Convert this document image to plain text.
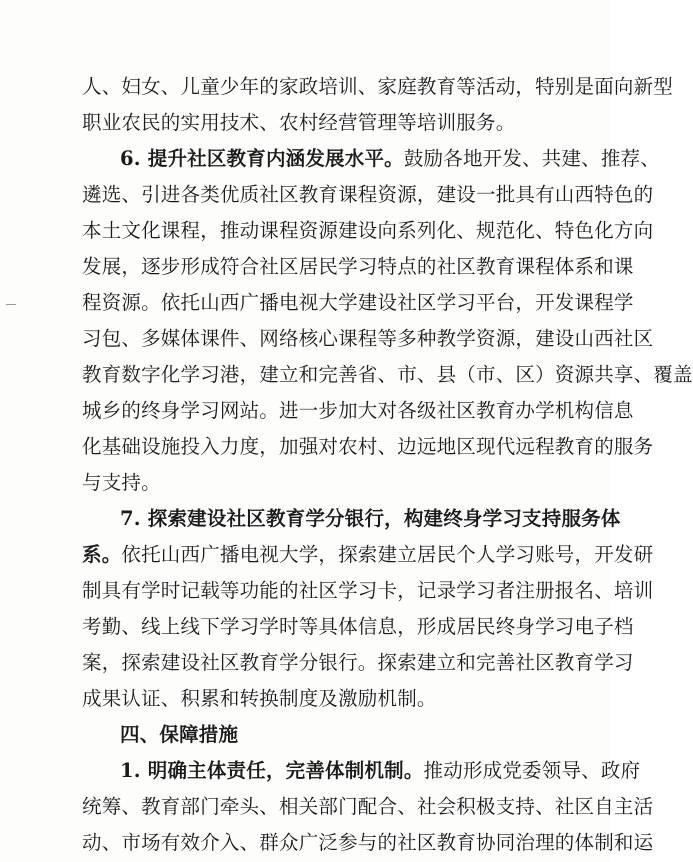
人、妇女、儿童少年的家政培训、家庭教育等活动，特别是面向新型
职业农民的实用技术、农村经营管理等培训服务。
6. 提升社区教育内涵发展水平。鼓励各地开发、共建、推荐、
遴选、引进各类优质社区教育课程资源，建设一批具有山西特色的
本土文化课程，推动课程资源建设向系列化、规范化、特色化方向
发展，逐步形成符合社区居民学习特点的社区教育课程体系和课
程资源。依托山西广播电视大学建设社区学习平台，开发课程学
习包、多媒体课件、网络核心课程等多种教学资源，建设山西社区
教育数字化学习港，建立和完善省、市、县（市、区）资源共享、覆盖
城乡的终身学习网站。进一步加大对各级社区教育办学机构信息
化基础设施投入力度，加强对农村、边远地区现代远程教育的服务
与支持。
7. 探索建设社区教育学分银行，构建终身学习支持服务体
系。依托山西广播电视大学，探索建立居民个人学习账号，开发研
制具有学时记载等功能的社区学习卡，记录学习者注册报名、培训
考勤、线上线下学习学时等具体信息，形成居民终身学习电子档
案，探索建设社区教育学分银行。探索建立和完善社区教育学习
成果认证、积累和转换制度及激励机制。
四、保障措施
1. 明确主体责任，完善体制机制。推动形成党委领导、政府
统筹、教育部门牵头、相关部门配合、社会积极支持、社区自主活
动、市场有效介入、群众广泛参与的社区教育协同治理的体制和运
